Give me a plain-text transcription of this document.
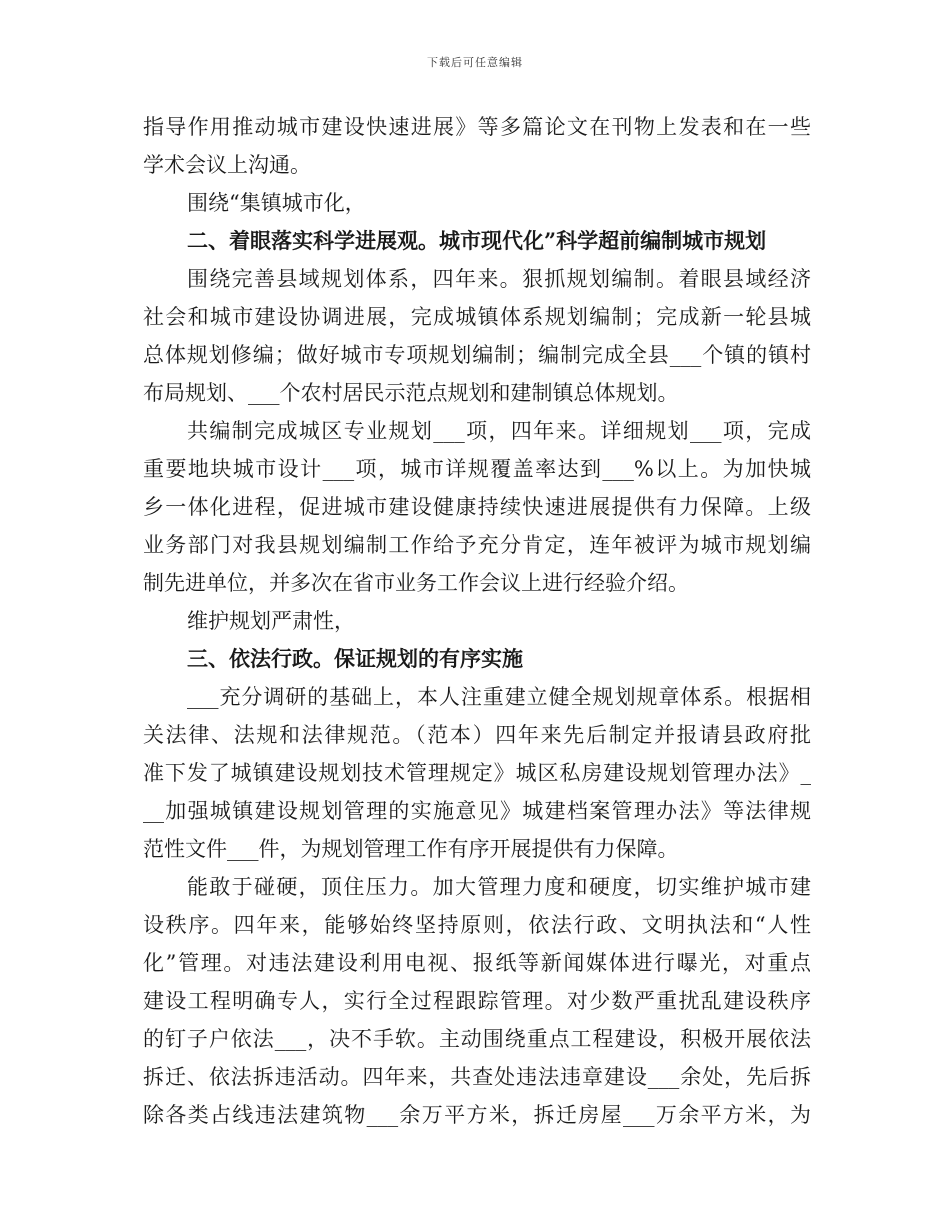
下载后可任意编辑
指导作用推动城市建设快速进展》等多篇论文在刊物上发表和在一些
学术会议上沟通。
围绕“集镇城市化，
二、着眼落实科学进展观。城市现代化”科学超前编制城市规划
围绕完善县域规划体系，四年来。狠抓规划编制。着眼县域经济
社会和城市建设协调进展，完成城镇体系规划编制；完成新一轮县城
总体规划修编；做好城市专项规划编制；编制完成全县___个镇的镇村
布局规划、___个农村居民示范点规划和建制镇总体规划。
共编制完成城区专业规划___项，四年来。详细规划___项，完成
重要地块城市设计___项，城市详规覆盖率达到___%以上。为加快城
乡一体化进程，促进城市建设健康持续快速进展提供有力保障。上级
业务部门对我县规划编制工作给予充分肯定，连年被评为城市规划编
制先进单位，并多次在省市业务工作会议上进行经验介绍。
维护规划严肃性，
三、依法行政。保证规划的有序实施
___充分调研的基础上，本人注重建立健全规划规章体系。根据相
关法律、法规和法律规范。（范本）四年来先后制定并报请县政府批
准下发了城镇建设规划技术管理规定》城区私房建设规划管理办法》_
__加强城镇建设规划管理的实施意见》城建档案管理办法》等法律规
范性文件___件，为规划管理工作有序开展提供有力保障。
能敢于碰硬，顶住压力。加大管理力度和硬度，切实维护城市建
设秩序。四年来，能够始终坚持原则，依法行政、文明执法和“人性
化”管理。对违法建设利用电视、报纸等新闻媒体进行曝光，对重点
建设工程明确专人，实行全过程跟踪管理。对少数严重扰乱建设秩序
的钉子户依法___，决不手软。主动围绕重点工程建设，积极开展依法
拆迁、依法拆违活动。四年来，共查处违法违章建设___余处，先后拆
除各类占线违法建筑物___余万平方米，拆迁房屋___万余平方米，为
